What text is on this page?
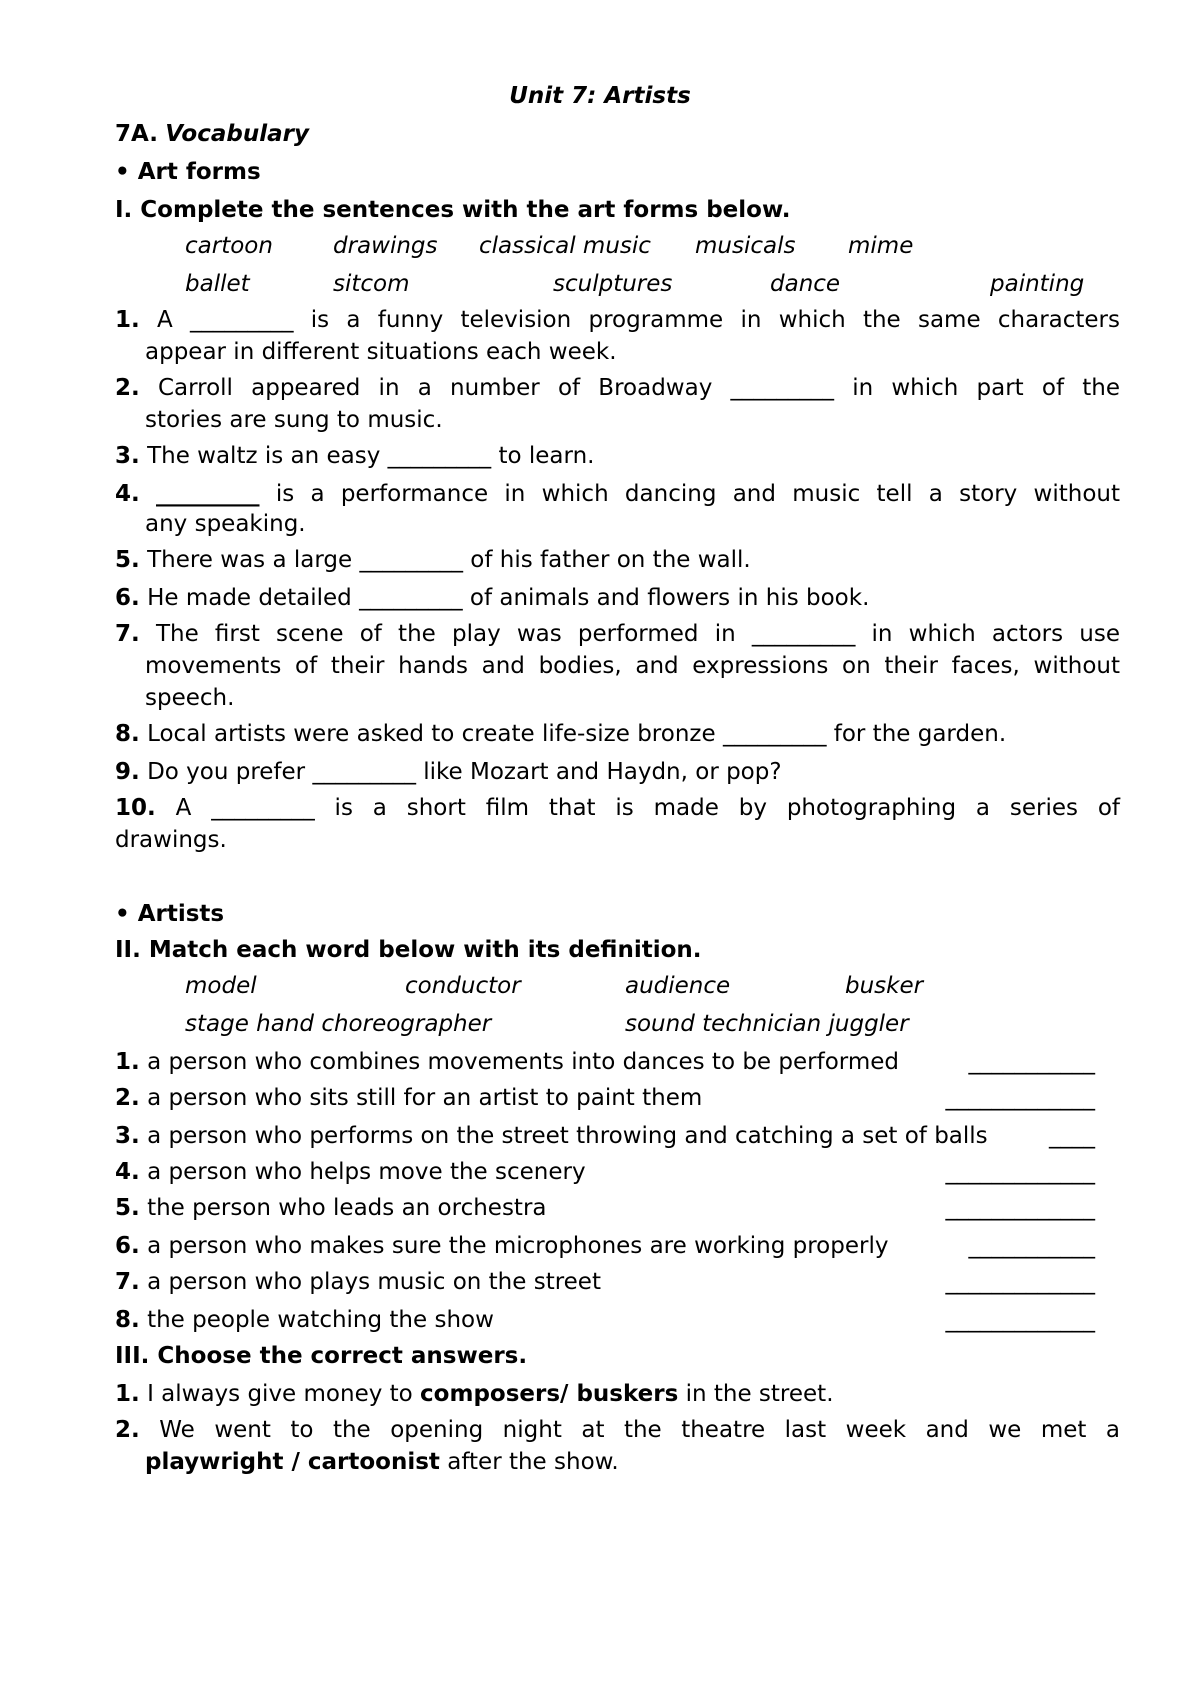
Unit 7: Artists
7A. Vocabulary
• Art forms
I. Complete the sentences with the art forms below.
cartoon	drawings classical music musicals mime
ballet	sitcom	sculptures	dance	painting
1. A _________ is a funny television programme in which the same characters
appear in different situations each week.
2. Carroll appeared in a number of Broadway _________ in which part of the
stories are sung to music.
3. The waltz is an easy _________ to learn.
4. _________ is a performance in which dancing and music tell a story without
any speaking.
5. There was a large _________ of his father on the wall.
6. He made detailed _________ of animals and flowers in his book.
7. The first scene of the play was performed in _________ in which actors use
movements of their hands and bodies, and expressions on their faces, without
speech.
8. Local artists were asked to create life-size bronze _________ for the garden.
9. Do you prefer _________ like Mozart and Haydn, or pop?
10. A _________ is a short film that is made by photographing a series of
drawings.
• Artists
II. Match each word below with its definition.
model	conductor	audience	busker
stage hand choreographer	sound technician juggler
1. a person who combines movements into dances to be performed	___________
2. a person who sits still for an artist to paint them	_____________
3. a person who performs on the street throwing and catching a set of balls	____
4. a person who helps move the scenery	_____________
5. the person who leads an orchestra	_____________
6. a person who makes sure the microphones are working properly	___________
7. a person who plays music on the street	_____________
8. the people watching the show	_____________
III. Choose the correct answers.
1. I always give money to composers/ buskers in the street.
2. We went to the opening night at the theatre last week and we met a
playwright / cartoonist after the show.
